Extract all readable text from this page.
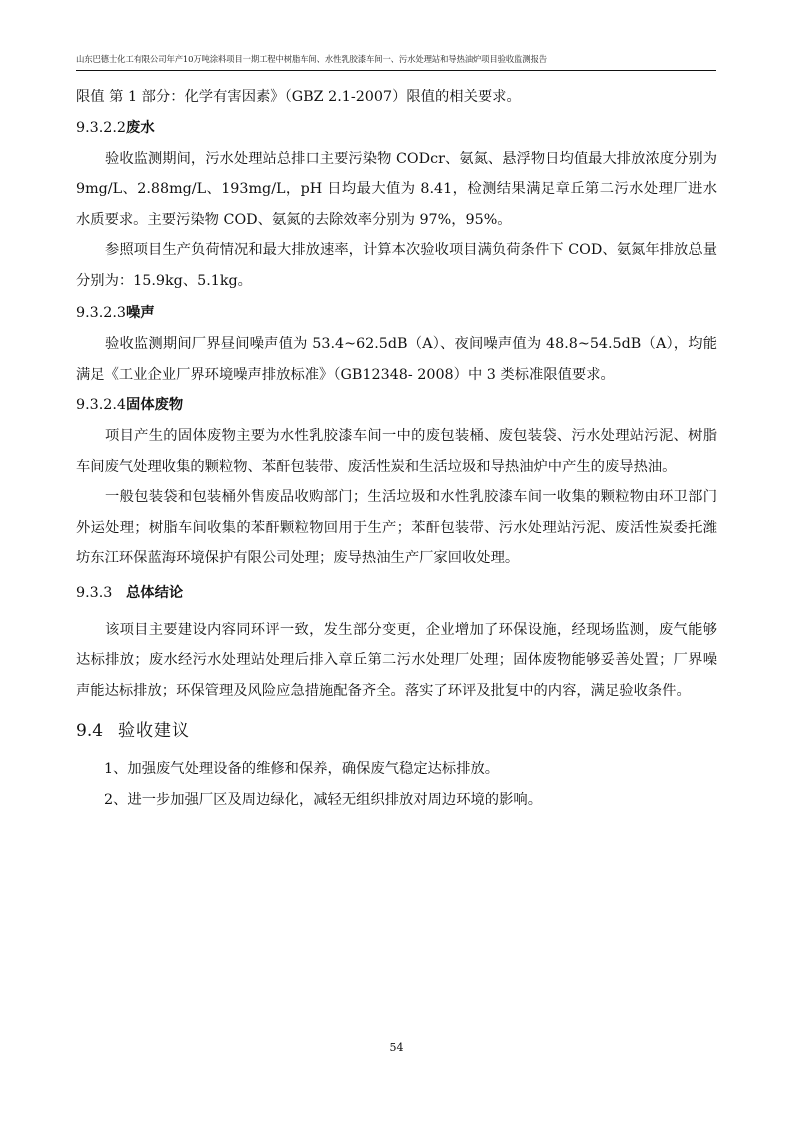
山东巴德士化工有限公司年产10万吨涂料项目一期工程中树脂车间、水性乳胶漆车间一、污水处理站和导热油炉项目验收监测报告

限值 第 1 部分：化学有害因素》（GBZ 2.1-2007）限值的相关要求。

9.3.2.2废水

验收监测期间，污水处理站总排口主要污染物 CODcr、氨氮、悬浮物日均值最大排放浓度分别为 9mg/L、2.88mg/L、193mg/L，pH 日均最大值为 8.41，检测结果满足章丘第二污水处理厂进水水质要求。主要污染物 COD、氨氮的去除效率分别为 97%，95%。

参照项目生产负荷情况和最大排放速率，计算本次验收项目满负荷条件下 COD、氨氮年排放总量分别为：15.9kg、5.1kg。

9.3.2.3噪声

验收监测期间厂界昼间噪声值为 53.4~62.5dB（A）、夜间噪声值为 48.8~54.5dB（A），均能满足《工业企业厂界环境噪声排放标准》（GB12348- 2008）中 3 类标准限值要求。

9.3.2.4固体废物

项目产生的固体废物主要为水性乳胶漆车间一中的废包装桶、废包装袋、污水处理站污泥、树脂车间废气处理收集的颗粒物、苯酐包装带、废活性炭和生活垃圾和导热油炉中产生的废导热油。

一般包装袋和包装桶外售废品收购部门；生活垃圾和水性乳胶漆车间一收集的颗粒物由环卫部门外运处理；树脂车间收集的苯酐颗粒物回用于生产；苯酐包装带、污水处理站污泥、废活性炭委托潍坊东江环保蓝海环境保护有限公司处理；废导热油生产厂家回收处理。

9.3.3 总体结论

该项目主要建设内容同环评一致，发生部分变更，企业增加了环保设施，经现场监测，废气能够达标排放；废水经污水处理站处理后排入章丘第二污水处理厂处理；固体废物能够妥善处置；厂界噪声能达标排放；环保管理及风险应急措施配备齐全。落实了环评及批复中的内容，满足验收条件。

9.4 验收建议

1、加强废气处理设备的维修和保养，确保废气稳定达标排放。

2、进一步加强厂区及周边绿化，减轻无组织排放对周边环境的影响。

54
